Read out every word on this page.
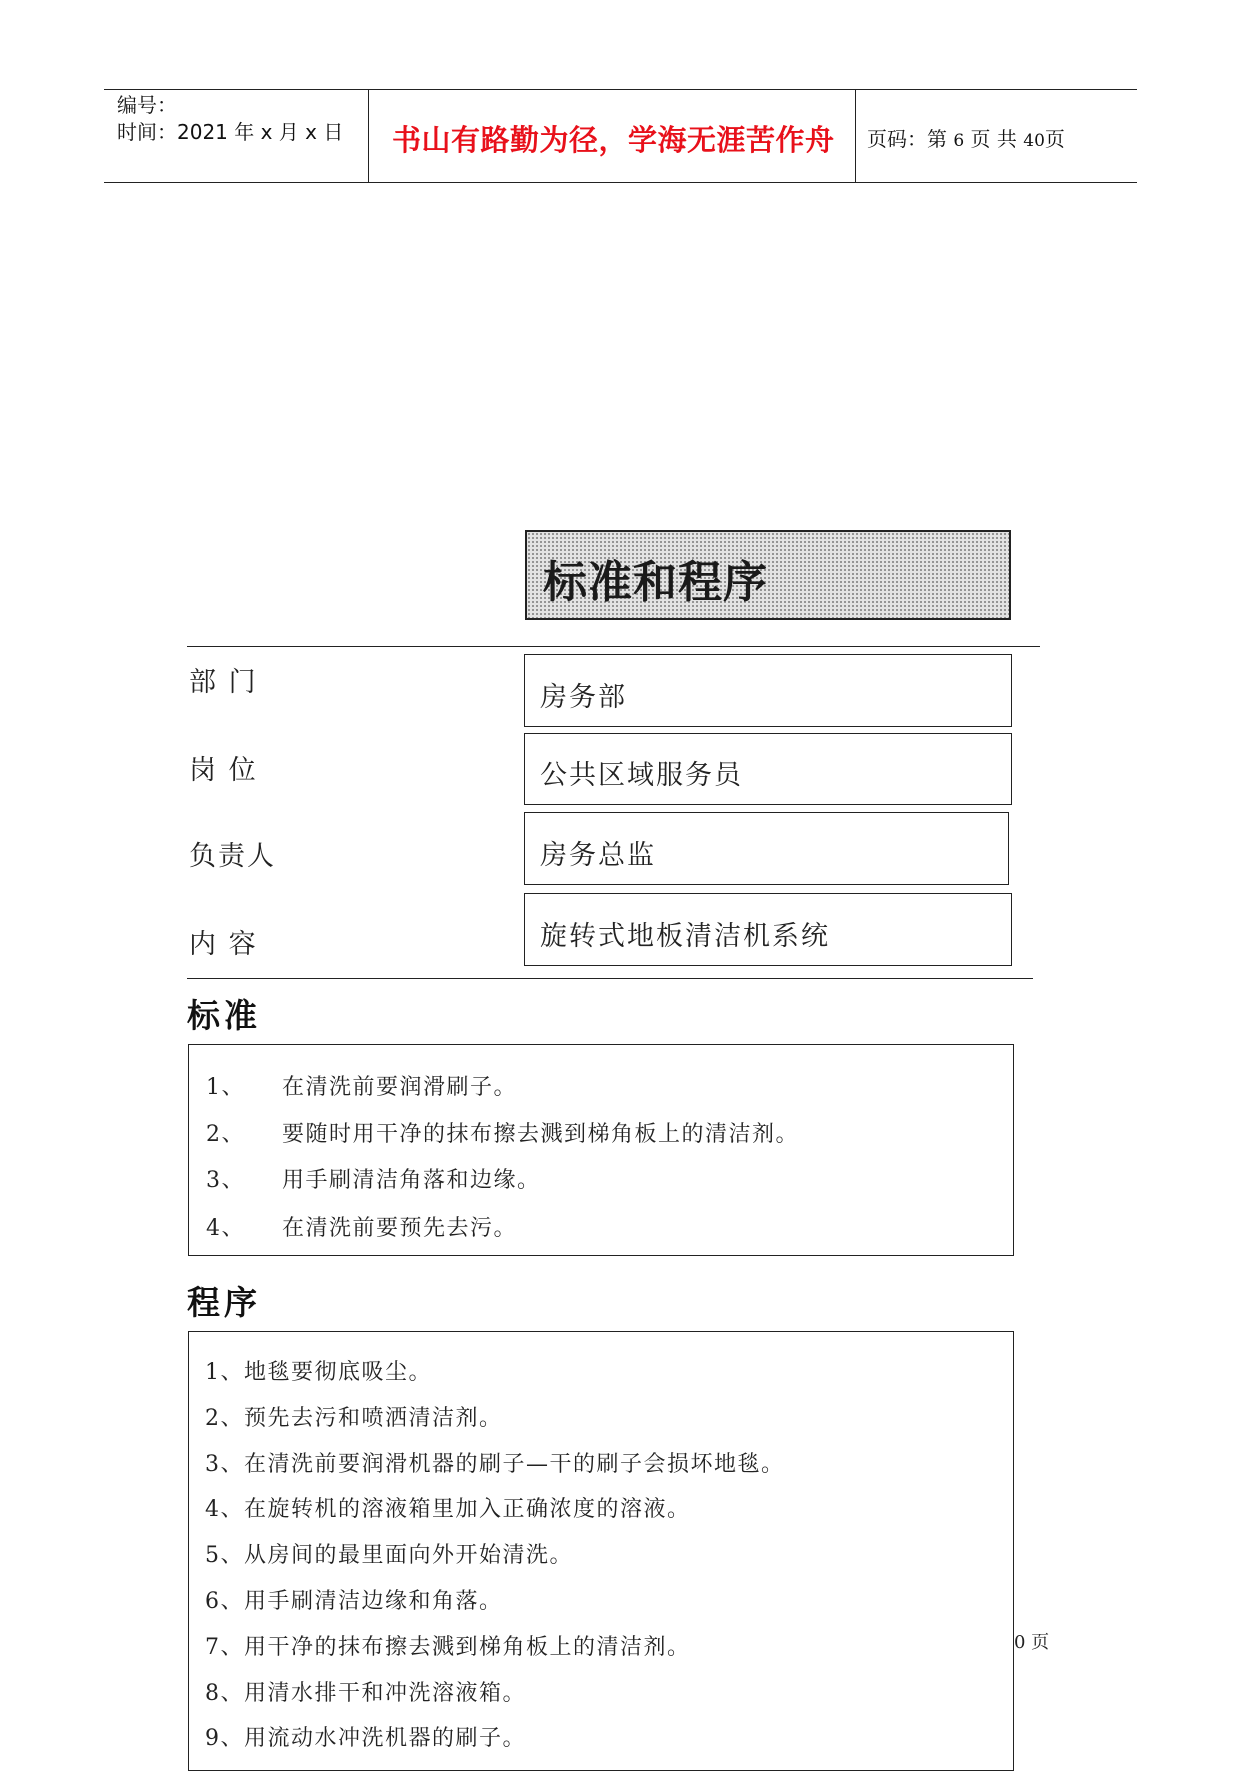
编号：
时间：2021 年 x 月 x 日 书山有路勤为径，学海无涯苦作舟 页码：第 6 页 共 40页
标准和程序
部 门	房务部
岗 位	公共区域服务员
负责人	房务总监
内 容	旋转式地板清洁机系统
标准
1、 在清洗前要润滑刷子。
2、 要随时用干净的抹布擦去溅到梯角板上的清洁剂。
3、 用手刷清洁角落和边缘。
4、 在清洗前要预先去污。
程序
1、地毯要彻底吸尘。
2、预先去污和喷洒清洁剂。
3、在清洗前要润滑机器的刷子—干的刷子会损坏地毯。
4、在旋转机的溶液箱里加入正确浓度的溶液。
5、从房间的最里面向外开始清洗。
6、用手刷清洁边缘和角落。
7、用干净的抹布擦去溅到梯角板上的清洁剂。
8、用清水排干和冲洗溶液箱。
9、用流动水冲洗机器的刷子。
0 页
